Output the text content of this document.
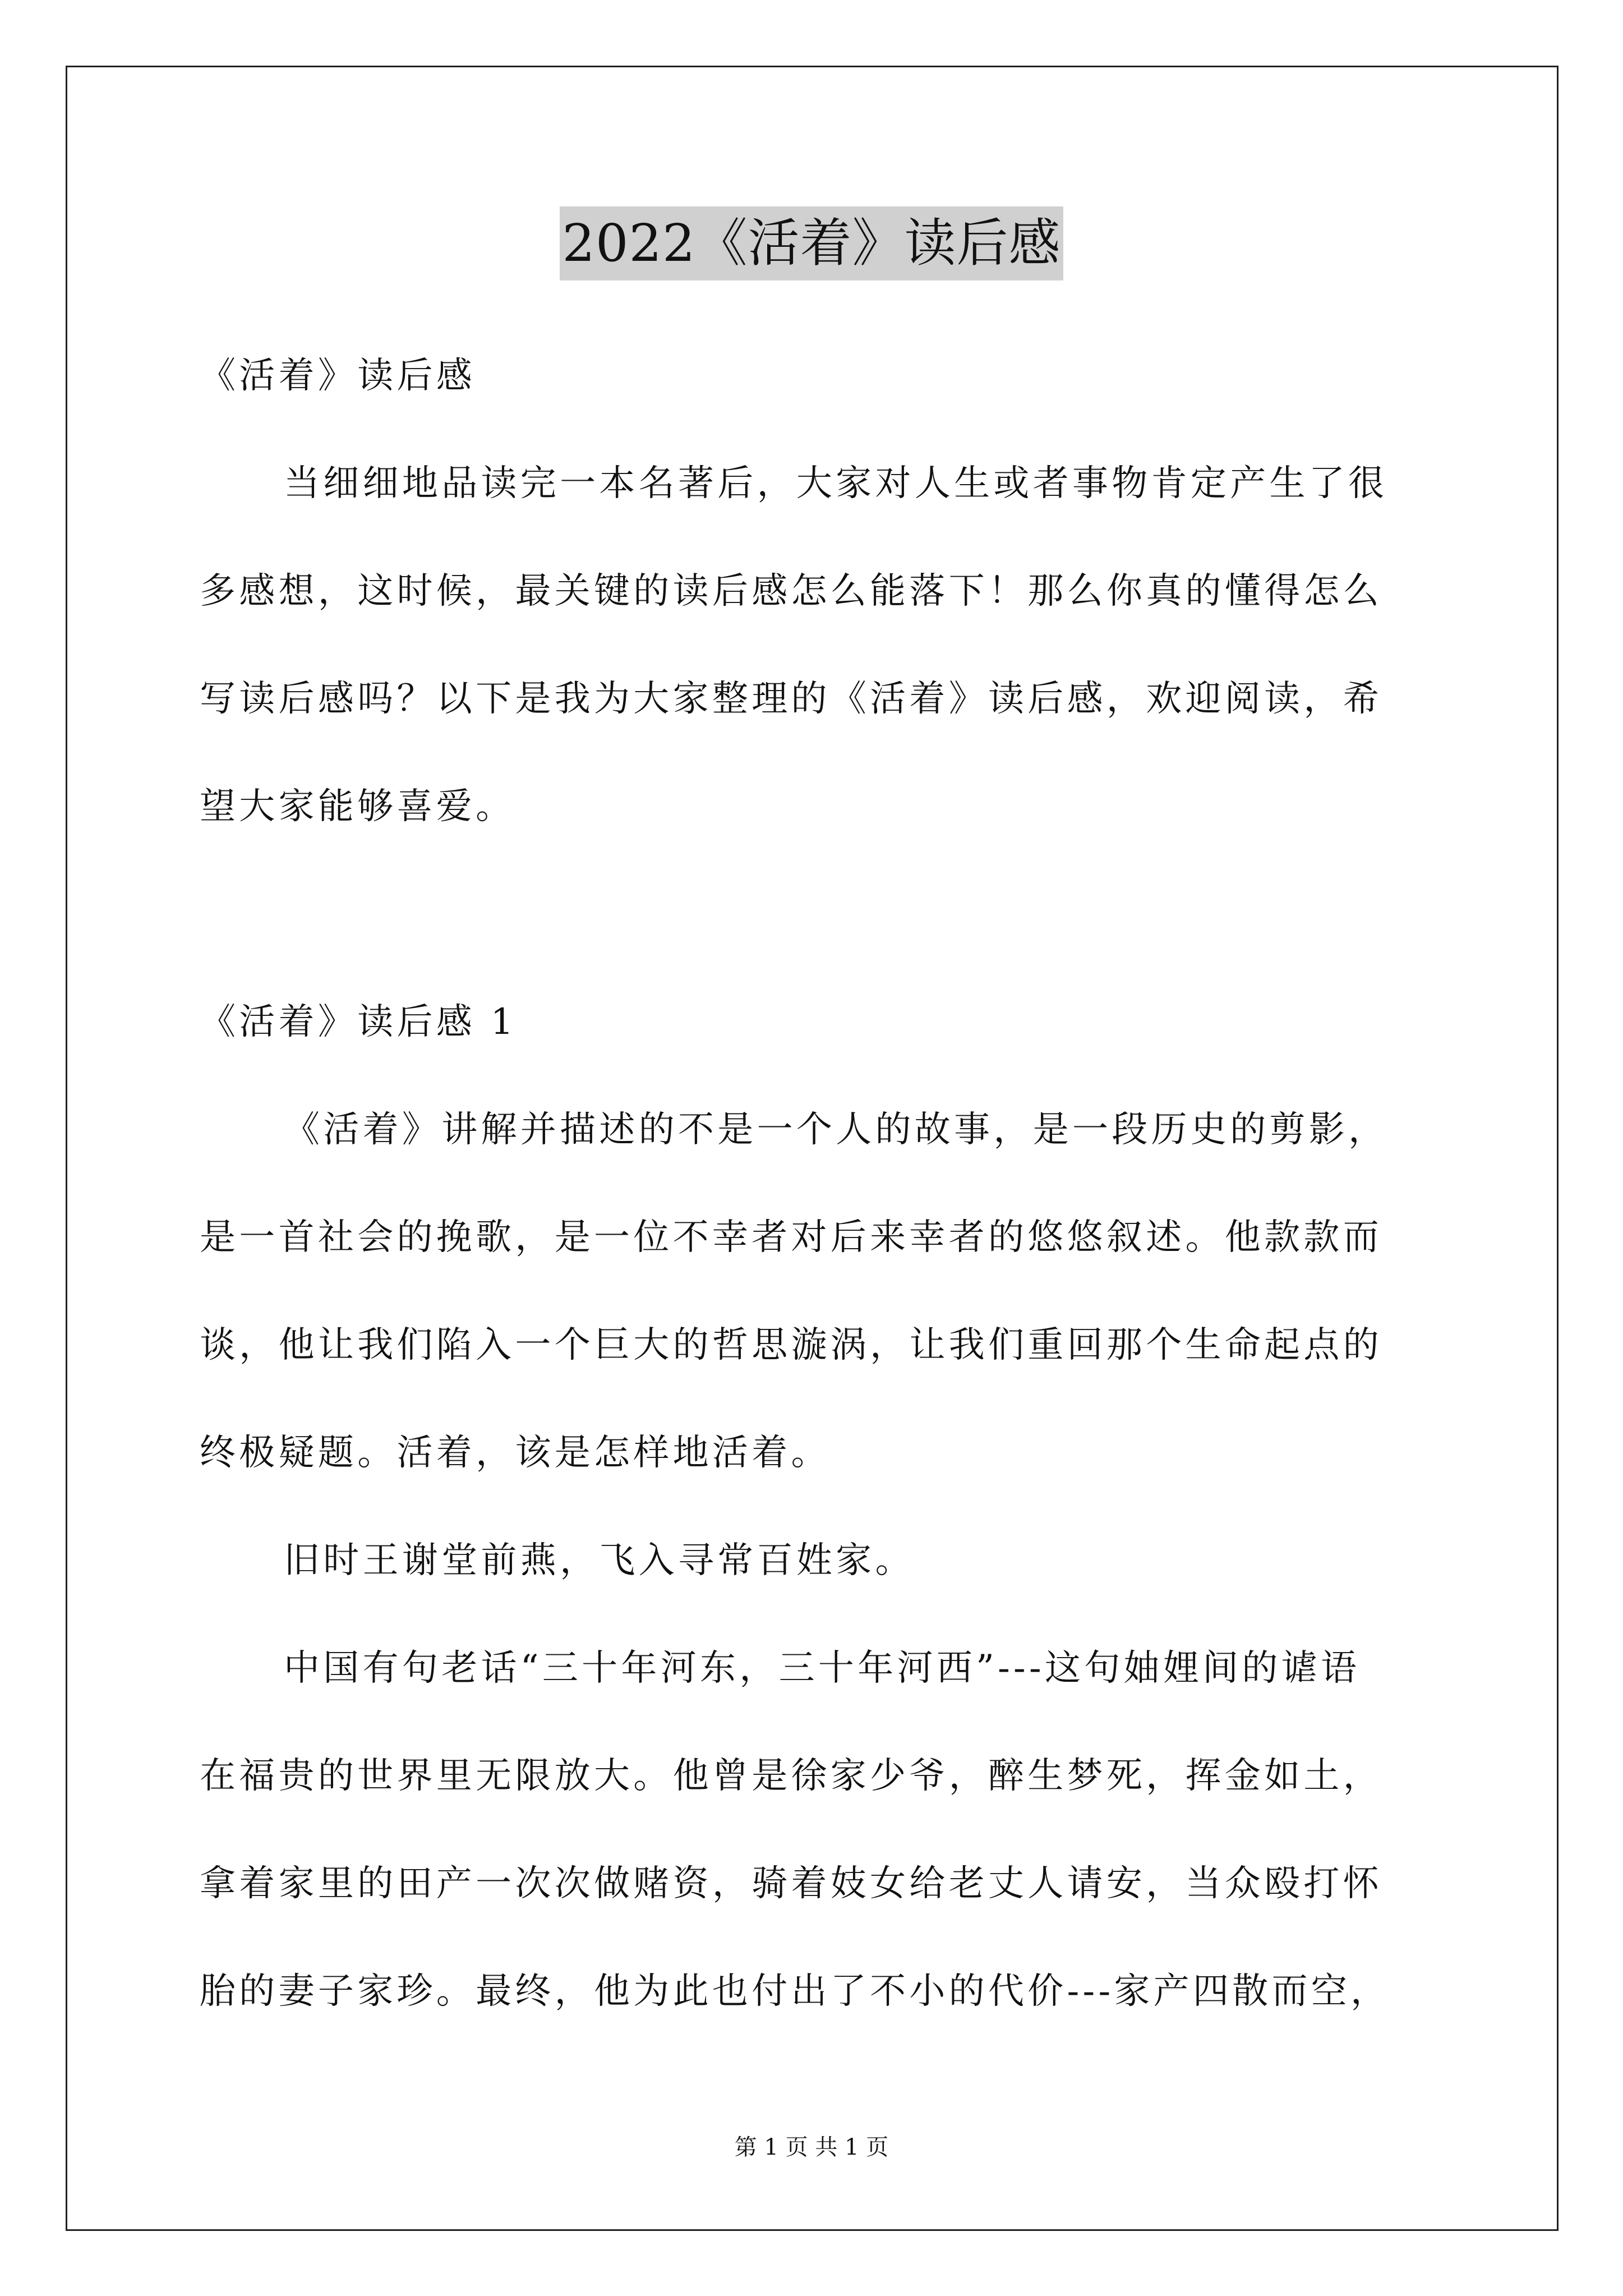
2022《活着》读后感
《活着》读后感
当细细地品读完一本名著后，大家对人生或者事物肯定产生了很
多感想，这时候，最关键的读后感怎么能落下！那么你真的懂得怎么
写读后感吗？以下是我为大家整理的《活着》读后感，欢迎阅读，希
望大家能够喜爱。
《活着》读后感 1
《活着》讲解并描述的不是一个人的故事，是一段历史的剪影，
是一首社会的挽歌，是一位不幸者对后来幸者的悠悠叙述。他款款而
谈，他让我们陷入一个巨大的哲思漩涡，让我们重回那个生命起点的
终极疑题。活着，该是怎样地活着。
旧时王谢堂前燕，飞入寻常百姓家。
中国有句老话“三十年河东，三十年河西”---这句妯娌间的谑语
在福贵的世界里无限放大。他曾是徐家少爷，醉生梦死，挥金如土，
拿着家里的田产一次次做赌资，骑着妓女给老丈人请安，当众殴打怀
胎的妻子家珍。最终，他为此也付出了不小的代价---家产四散而空，
第 1 页 共 1 页
